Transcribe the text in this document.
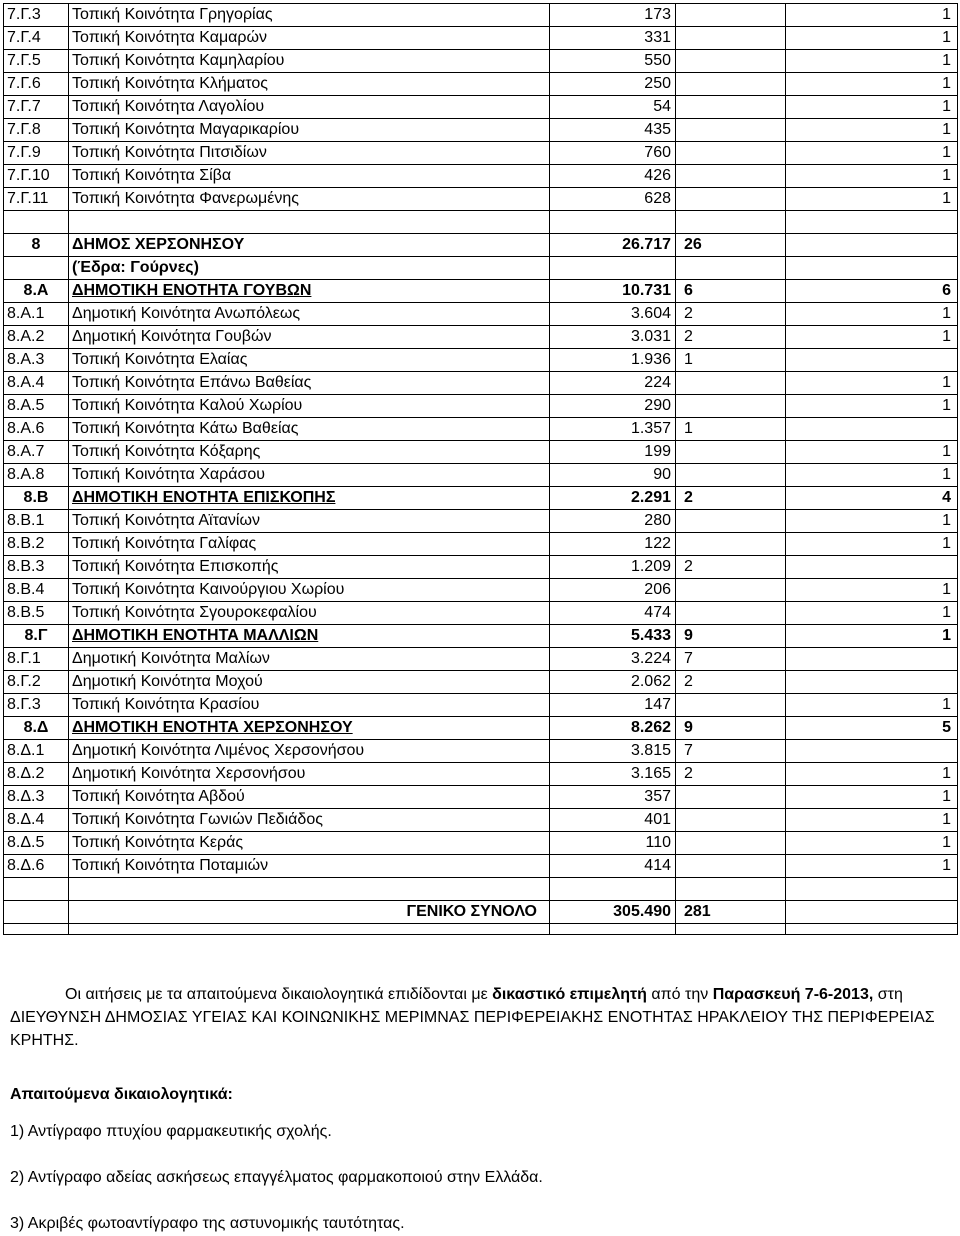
7.Γ.3	Τοπική Κοινότητα Γρηγορίας	173		1
7.Γ.4	Τοπική Κοινότητα Καμαρών	331		1
7.Γ.5	Τοπική Κοινότητα Καμηλαρίου	550		1
7.Γ.6	Τοπική Κοινότητα Κλήματος	250		1
7.Γ.7	Τοπική Κοινότητα Λαγολίου	54		1
7.Γ.8	Τοπική Κοινότητα Μαγαρικαρίου	435		1
7.Γ.9	Τοπική Κοινότητα Πιτσιδίων	760		1
7.Γ.10	Τοπική Κοινότητα Σίβα	426		1
7.Γ.11	Τοπική Κοινότητα Φανερωμένης	628		1

8	ΔΗΜΟΣ ΧΕΡΣΟΝΗΣΟΥ	26.717	26	
	(Έδρα: Γούρνες)			
8.Α	ΔΗΜΟΤΙΚΗ ΕΝΟΤΗΤΑ ΓΟΥΒΩΝ	10.731	6	6
8.Α.1	Δημοτική Κοινότητα Ανωπόλεως	3.604	2	1
8.Α.2	Δημοτική Κοινότητα Γουβών	3.031	2	1
8.Α.3	Τοπική Κοινότητα Ελαίας	1.936	1	
8.Α.4	Τοπική Κοινότητα Επάνω Βαθείας	224		1
8.Α.5	Τοπική Κοινότητα Καλού Χωρίου	290		1
8.Α.6	Τοπική Κοινότητα Κάτω Βαθείας	1.357	1	
8.Α.7	Τοπική Κοινότητα Κόξαρης	199		1
8.Α.8	Τοπική Κοινότητα Χαράσου	90		1
8.Β	ΔΗΜΟΤΙΚΗ ΕΝΟΤΗΤΑ ΕΠΙΣΚΟΠΗΣ	2.291	2	4
8.Β.1	Τοπική Κοινότητα Αϊτανίων	280		1
8.Β.2	Τοπική Κοινότητα Γαλίφας	122		1
8.Β.3	Τοπική Κοινότητα Επισκοπής	1.209	2	
8.Β.4	Τοπική Κοινότητα Καινούργιου Χωρίου	206		1
8.Β.5	Τοπική Κοινότητα Σγουροκεφαλίου	474		1
8.Γ	ΔΗΜΟΤΙΚΗ ΕΝΟΤΗΤΑ ΜΑΛΛΙΩΝ	5.433	9	1
8.Γ.1	Δημοτική Κοινότητα Μαλίων	3.224	7	
8.Γ.2	Δημοτική Κοινότητα Μοχού	2.062	2	
8.Γ.3	Τοπική Κοινότητα Κρασίου	147		1
8.Δ	ΔΗΜΟΤΙΚΗ ΕΝΟΤΗΤΑ ΧΕΡΣΟΝΗΣΟΥ	8.262	9	5
8.Δ.1	Δημοτική Κοινότητα Λιμένος Χερσονήσου	3.815	7	
8.Δ.2	Δημοτική Κοινότητα Χερσονήσου	3.165	2	1
8.Δ.3	Τοπική Κοινότητα Αβδού	357		1
8.Δ.4	Τοπική Κοινότητα Γωνιών Πεδιάδος	401		1
8.Δ.5	Τοπική Κοινότητα Κεράς	110		1
8.Δ.6	Τοπική Κοινότητα Ποταμιών	414		1

	ΓΕΝΙΚΟ ΣΥΝΟΛΟ	305.490	281	

Οι αιτήσεις με τα απαιτούμενα δικαιολογητικά επιδίδονται με δικαστικό επιμελητή από την Παρασκευή 7-6-2013, στη ΔΙΕΥΘΥΝΣΗ ΔΗΜΟΣΙΑΣ ΥΓΕΙΑΣ ΚΑΙ ΚΟΙΝΩΝΙΚΗΣ ΜΕΡΙΜΝΑΣ ΠΕΡΙΦΕΡΕΙΑΚΗΣ ΕΝΟΤΗΤΑΣ ΗΡΑΚΛΕΙΟΥ ΤΗΣ ΠΕΡΙΦΕΡΕΙΑΣ ΚΡΗΤΗΣ.
Απαιτούμενα δικαιολογητικά:
1) Αντίγραφο πτυχίου φαρμακευτικής σχολής.
2) Αντίγραφο αδείας ασκήσεως επαγγέλματος φαρμακοποιού στην Ελλάδα.
3) Ακριβές φωτοαντίγραφο της αστυνομικής ταυτότητας.
